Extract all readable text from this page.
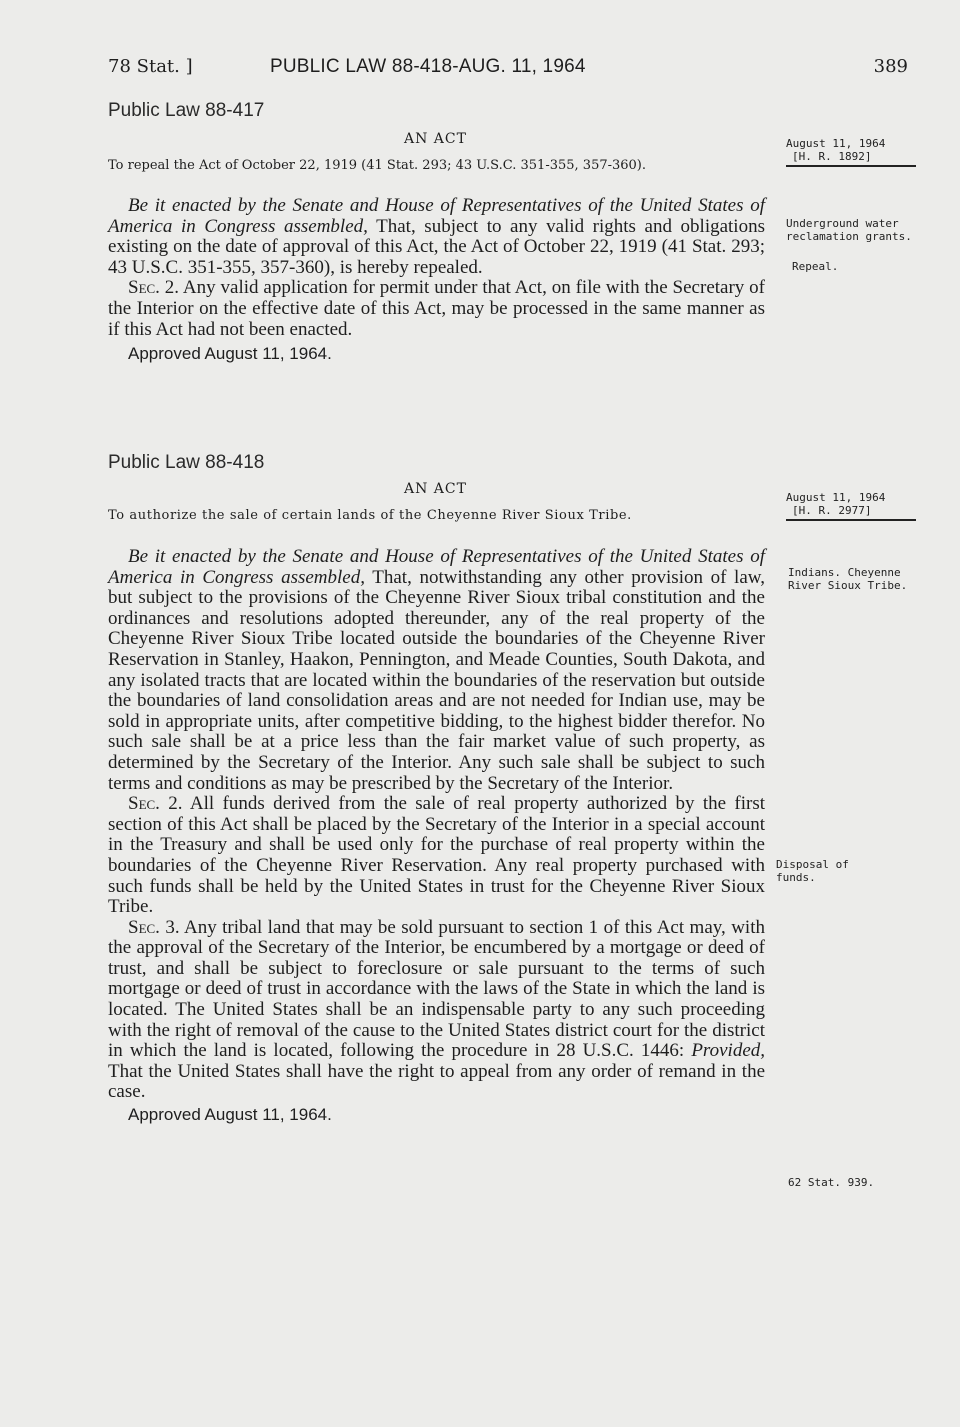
78 Stat. ]	PUBLIC LAW 88-418-AUG. 11, 1964	389
Public Law 88-417
AN ACT
To repeal the Act of October 22, 1919 (41 Stat. 293; 43 U.S.C. 351-355, 357-360).
August 11, 1964
[H. R. 1892]

Be it enacted by the Senate and House of Representatives of the United States of America in Congress assembled, That, subject to any valid rights and obligations existing on the date of approval of this Act, the Act of October 22, 1919 (41 Stat. 293; 43 U.S.C. 351-355, 357-360), is hereby repealed.

Sec. 2. Any valid application for permit under that Act, on file with the Secretary of the Interior on the effective date of this Act, may be processed in the same manner as if this Act had not been enacted.

Approved August 11, 1964.

Underground water reclamation grants.
Repeal.
Public Law 88-418
AN ACT
To authorize the sale of certain lands of the Cheyenne River Sioux Tribe.
August 11, 1964
[H. R. 2977]

Be it enacted by the Senate and House of Representatives of the United States of America in Congress assembled, That, notwithstanding any other provision of law, but subject to the provisions of the Cheyenne River Sioux tribal constitution and the ordinances and resolutions adopted thereunder, any of the real property of the Cheyenne River Sioux Tribe located outside the boundaries of the Cheyenne River Reservation in Stanley, Haakon, Pennington, and Meade Counties, South Dakota, and any isolated tracts that are located within the boundaries of the reservation but outside the boundaries of land consolidation areas and are not needed for Indian use, may be sold in appropriate units, after competitive bidding, to the highest bidder therefor. No such sale shall be at a price less than the fair market value of such property, as determined by the Secretary of the Interior. Any such sale shall be subject to such terms and conditions as may be prescribed by the Secretary of the Interior.

Sec. 2. All funds derived from the sale of real property authorized by the first section of this Act shall be placed by the Secretary of the Interior in a special account in the Treasury and shall be used only for the purchase of real property within the boundaries of the Cheyenne River Reservation. Any real property purchased with such funds shall be held by the United States in trust for the Cheyenne River Sioux Tribe.

Sec. 3. Any tribal land that may be sold pursuant to section 1 of this Act may, with the approval of the Secretary of the Interior, be encumbered by a mortgage or deed of trust, and shall be subject to foreclosure or sale pursuant to the terms of such mortgage or deed of trust in accordance with the laws of the State in which the land is located. The United States shall be an indispensable party to any such proceeding with the right of removal of the cause to the United States district court for the district in which the land is located, following the procedure in 28 U.S.C. 1446: Provided, That the United States shall have the right to appeal from any order of remand in the case.

Approved August 11, 1964.

Indians. Cheyenne River Sioux Tribe.
Disposal of funds.
62 Stat. 939.
